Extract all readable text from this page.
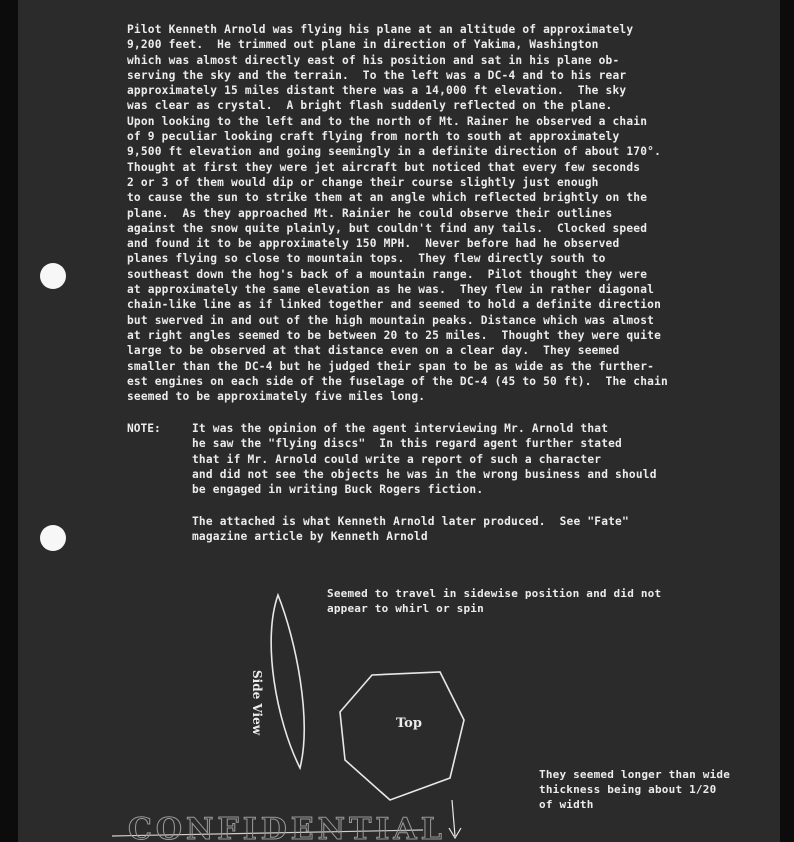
Pilot Kenneth Arnold was flying his plane at an altitude of approximately
9,200 feet.  He trimmed out plane in direction of Yakima, Washington
which was almost directly east of his position and sat in his plane ob-
serving the sky and the terrain.  To the left was a DC-4 and to his rear
approximately 15 miles distant there was a 14,000 ft elevation.  The sky
was clear as crystal.  A bright flash suddenly reflected on the plane.
Upon looking to the left and to the north of Mt. Rainer he observed a chain
of 9 peculiar looking craft flying from north to south at approximately
9,500 ft elevation and going seemingly in a definite direction of about 170°.
Thought at first they were jet aircraft but noticed that every few seconds
2 or 3 of them would dip or change their course slightly just enough
to cause the sun to strike them at an angle which reflected brightly on the
plane.  As they approached Mt. Rainier he could observe their outlines
against the snow quite plainly, but couldn't find any tails.  Clocked speed
and found it to be approximately 150 MPH.  Never before had he observed
planes flying so close to mountain tops.  They flew directly south to
southeast down the hog's back of a mountain range.  Pilot thought they were
at approximately the same elevation as he was.  They flew in rather diagonal
chain-like line as if linked together and seemed to hold a definite direction
but swerved in and out of the high mountain peaks. Distance which was almost
at right angles seemed to be between 20 to 25 miles.  Thought they were quite
large to be observed at that distance even on a clear day.  They seemed
smaller than the DC-4 but he judged their span to be as wide as the further-
est engines on each side of the fuselage of the DC-4 (45 to 50 ft).  The chain
seemed to be approximately five miles long.

NOTE:	It was the opinion of the agent interviewing Mr. Arnold that
he saw the "flying discs"  In this regard agent further stated
that if Mr. Arnold could write a report of such a character
and did not see the objects he was in the wrong business and should
be engaged in writing Buck Rogers fiction.

The attached is what Kenneth Arnold later produced.  See "Fate"
magazine article by Kenneth Arnold

Seemed to travel in sidewise position and did not
appear to whirl or spin

Side View	Top

They seemed longer than wide
thickness being about 1/20
of width

CONFIDENTIAL
